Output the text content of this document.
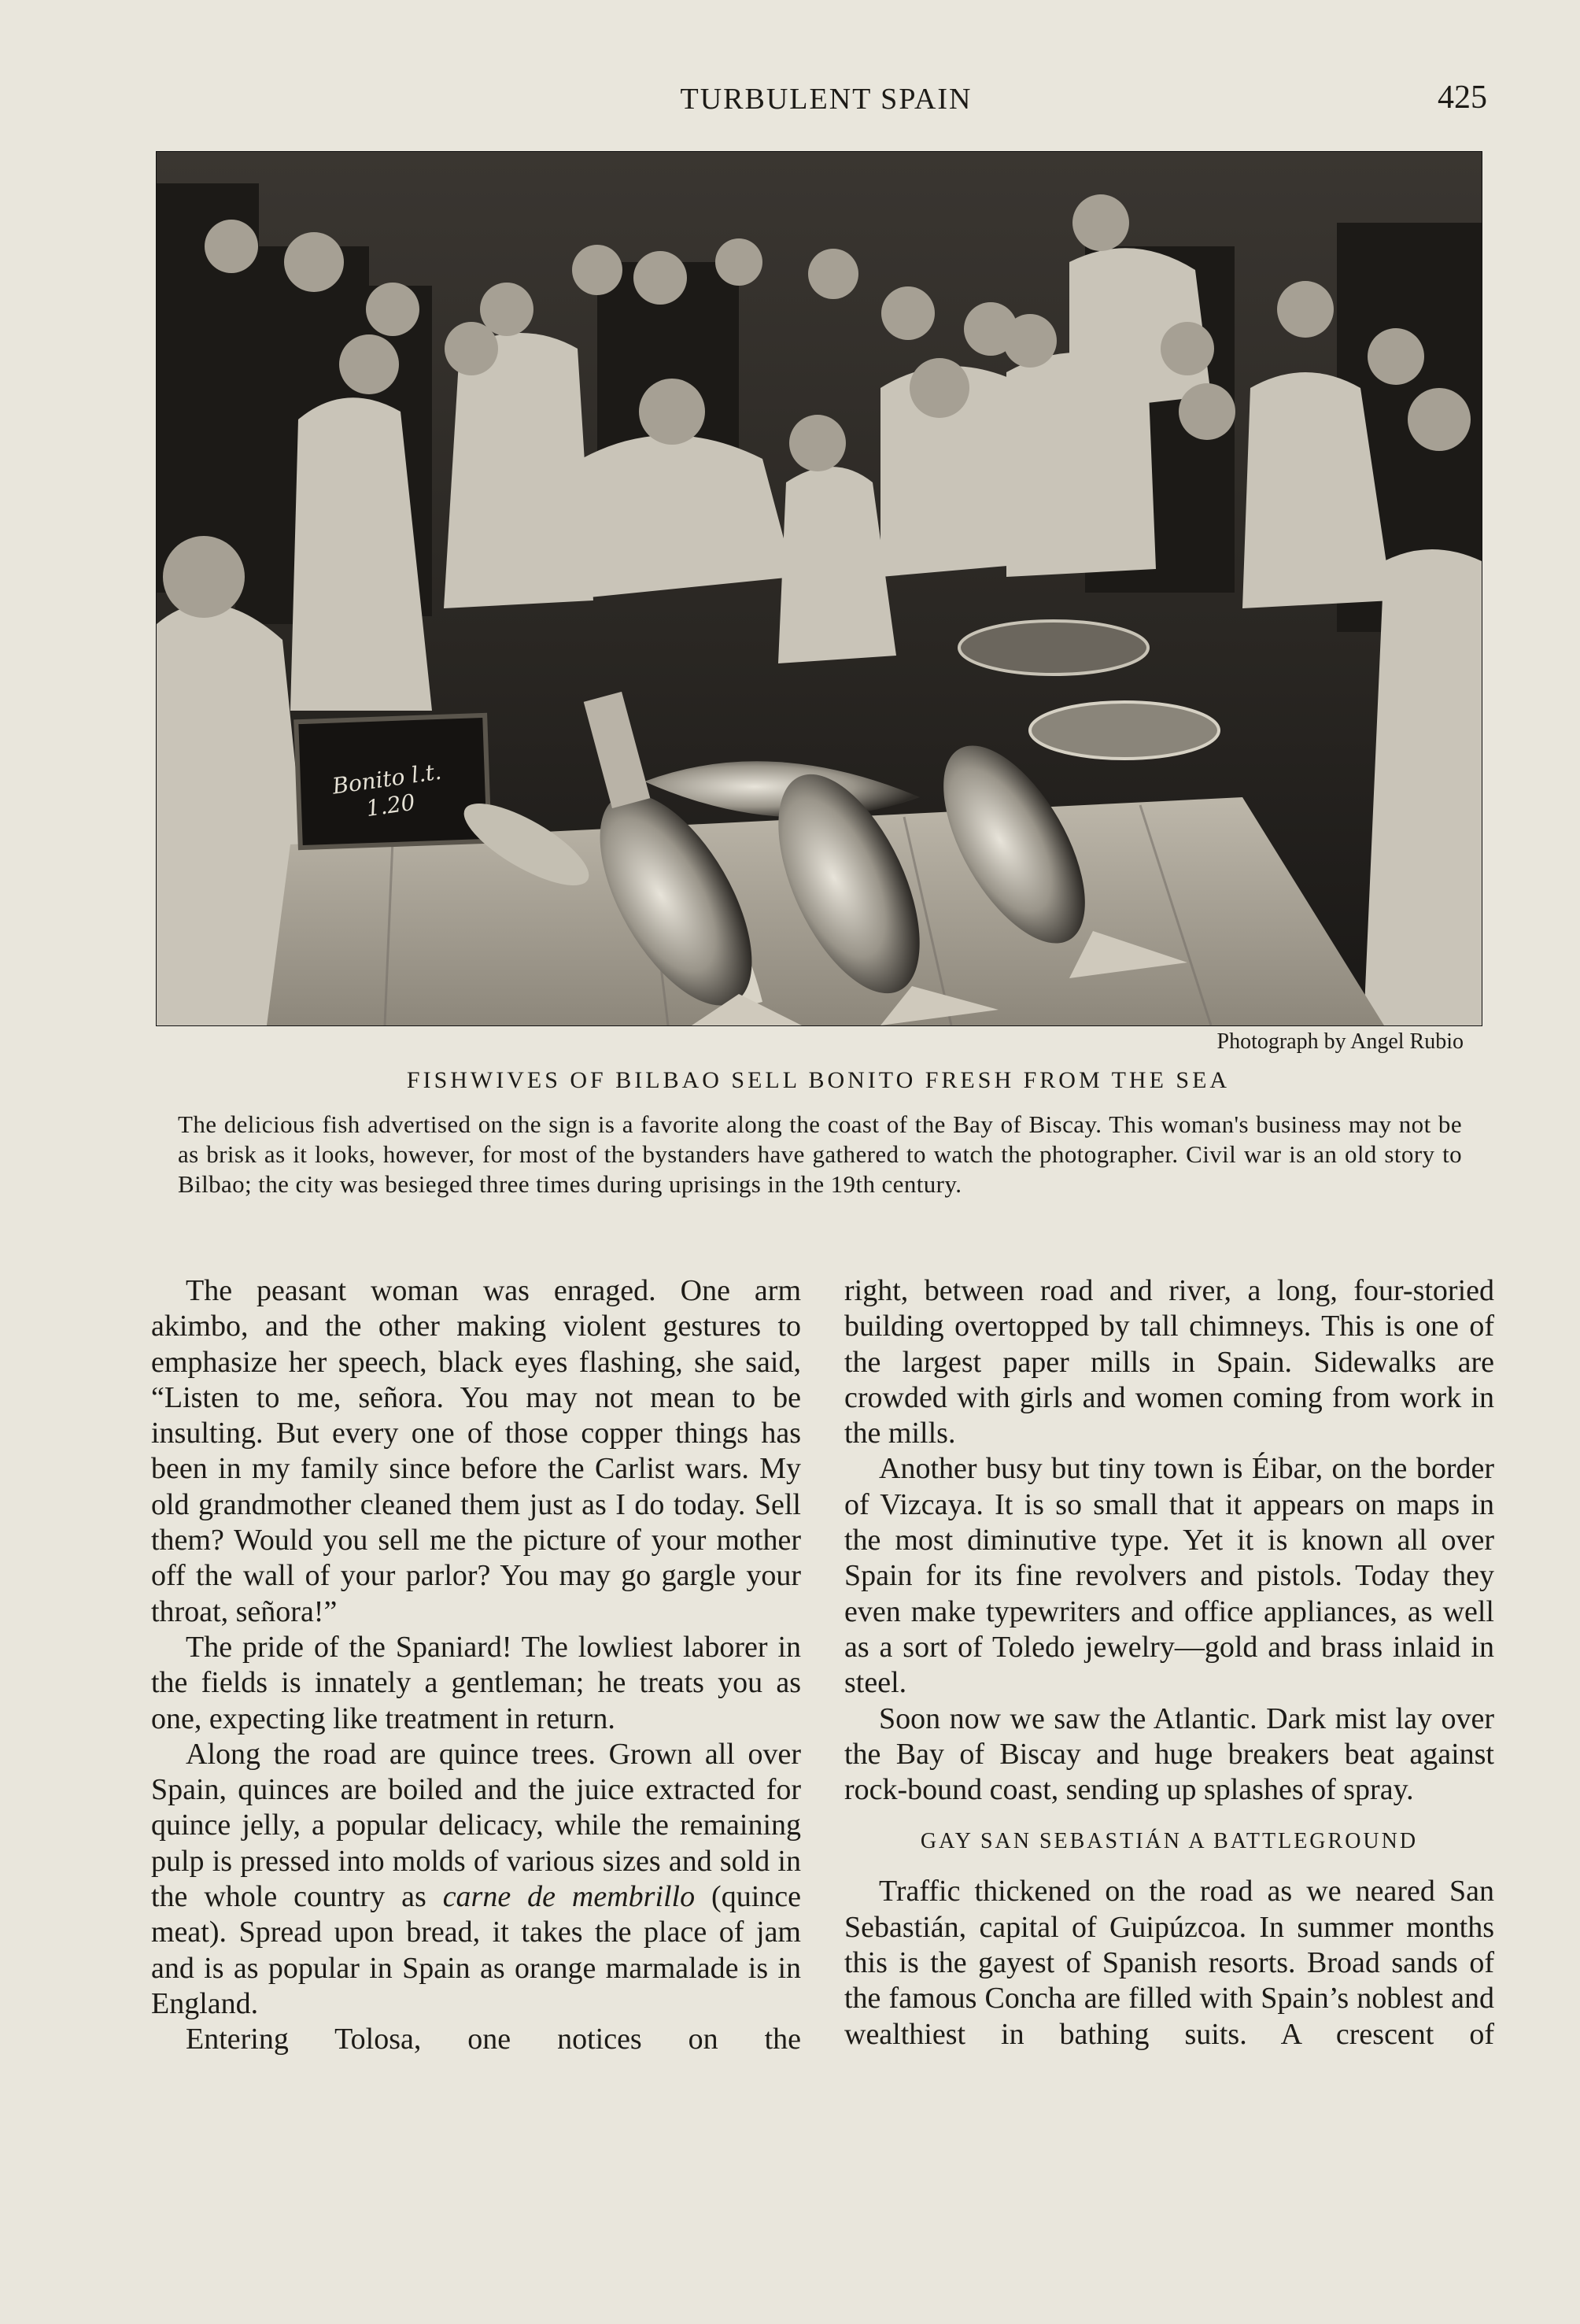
TURBULENT SPAIN	425
Bonito l.t. 1.20
Photograph by Angel Rubio
FISHWIVES OF BILBAO SELL BONITO FRESH FROM THE SEA
The delicious fish advertised on the sign is a favorite along the coast of the Bay of Biscay. This woman's business may not be as brisk as it looks, however, for most of the bystanders have gathered to watch the photographer. Civil war is an old story to Bilbao; the city was besieged three times during uprisings in the 19th century.

The peasant woman was enraged. One arm akimbo, and the other making violent gestures to emphasize her speech, black eyes flashing, she said, “Listen to me, señora. You may not mean to be insulting. But every one of those copper things has been in my family since before the Carlist wars. My old grandmother cleaned them just as I do today. Sell them? Would you sell me the picture of your mother off the wall of your parlor? You may go gargle your throat, señora!”

The pride of the Spaniard! The lowliest laborer in the fields is innately a gentleman; he treats you as one, expecting like treatment in return.

Along the road are quince trees. Grown all over Spain, quinces are boiled and the juice extracted for quince jelly, a popular delicacy, while the remaining pulp is pressed into molds of various sizes and sold in the whole country as carne de membrillo (quince meat). Spread upon bread, it takes the place of jam and is as popular in Spain as orange marmalade is in England.

Entering Tolosa, one notices on the

right, between road and river, a long, four-storied building overtopped by tall chimneys. This is one of the largest paper mills in Spain. Sidewalks are crowded with girls and women coming from work in the mills.

Another busy but tiny town is Éibar, on the border of Vizcaya. It is so small that it appears on maps in the most diminutive type. Yet it is known all over Spain for its fine revolvers and pistols. Today they even make typewriters and office appliances, as well as a sort of Toledo jewelry—gold and brass inlaid in steel.

Soon now we saw the Atlantic. Dark mist lay over the Bay of Biscay and huge breakers beat against rock-bound coast, sending up splashes of spray.

GAY SAN SEBASTIÁN A BATTLEGROUND

Traffic thickened on the road as we neared San Sebastián, capital of Guipúzcoa. In summer months this is the gayest of Spanish resorts. Broad sands of the famous Concha are filled with Spain’s noblest and wealthiest in bathing suits. A crescent of
